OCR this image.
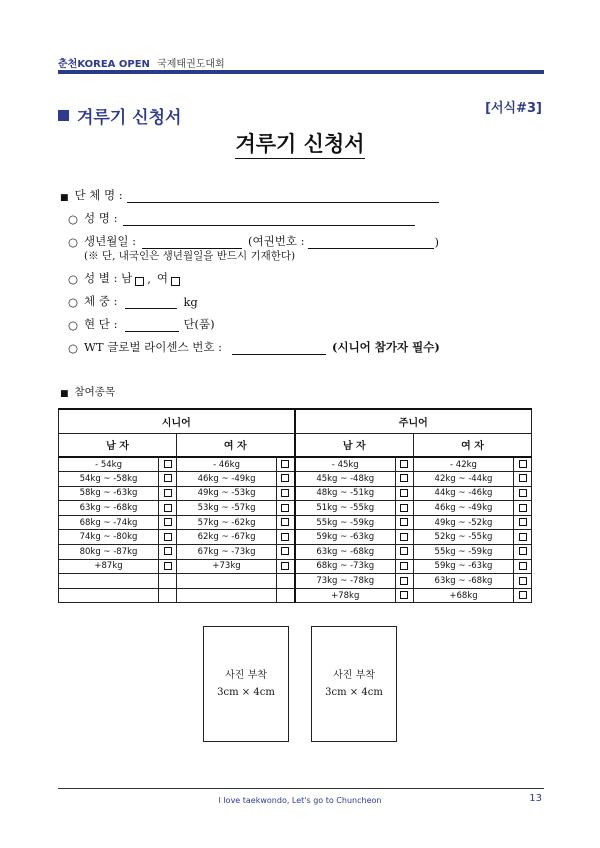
춘천KOREA OPEN 국제태권도대회
겨루기 신청서	[서식#3]
겨루기 신청서
■ 단 체 명 :
○ 성 명 :
○ 생년월일 :	(여권번호 :	)
(※ 단, 내국인은 생년월일을 반드시 기재한다)
○ 성 별 : 남 , 여
○ 체 중 :	kg
○ 현 단 :	단(품)
○ WT 글로벌 라이센스 번호 :	(시니어 참가자 필수)
■ 참여종목
시니어				주니어			
남 자		여 자		남 자		여 자	
- 54kg		- 46kg		- 45kg		- 42kg	
54kg ~ -58kg		46kg ~ -49kg		45kg ~ -48kg		42kg ~ -44kg	
58kg ~ -63kg		49kg ~ -53kg		48kg ~ -51kg		44kg ~ -46kg	
63kg ~ -68kg		53kg ~ -57kg		51kg ~ -55kg		46kg ~ -49kg	
68kg ~ -74kg		57kg ~ -62kg		55kg ~ -59kg		49kg ~ -52kg	
74kg ~ -80kg		62kg ~ -67kg		59kg ~ -63kg		52kg ~ -55kg	
80kg ~ -87kg		67kg ~ -73kg		63kg ~ -68kg		55kg ~ -59kg	
+87kg		+73kg		68kg ~ -73kg		59kg ~ -63kg	
				73kg ~ -78kg		63kg ~ -68kg	
				+78kg		+68kg	
사진 부착
3cm × 4cm
사진 부착
3cm × 4cm
I love taekwondo, Let's go to Chuncheon	13
